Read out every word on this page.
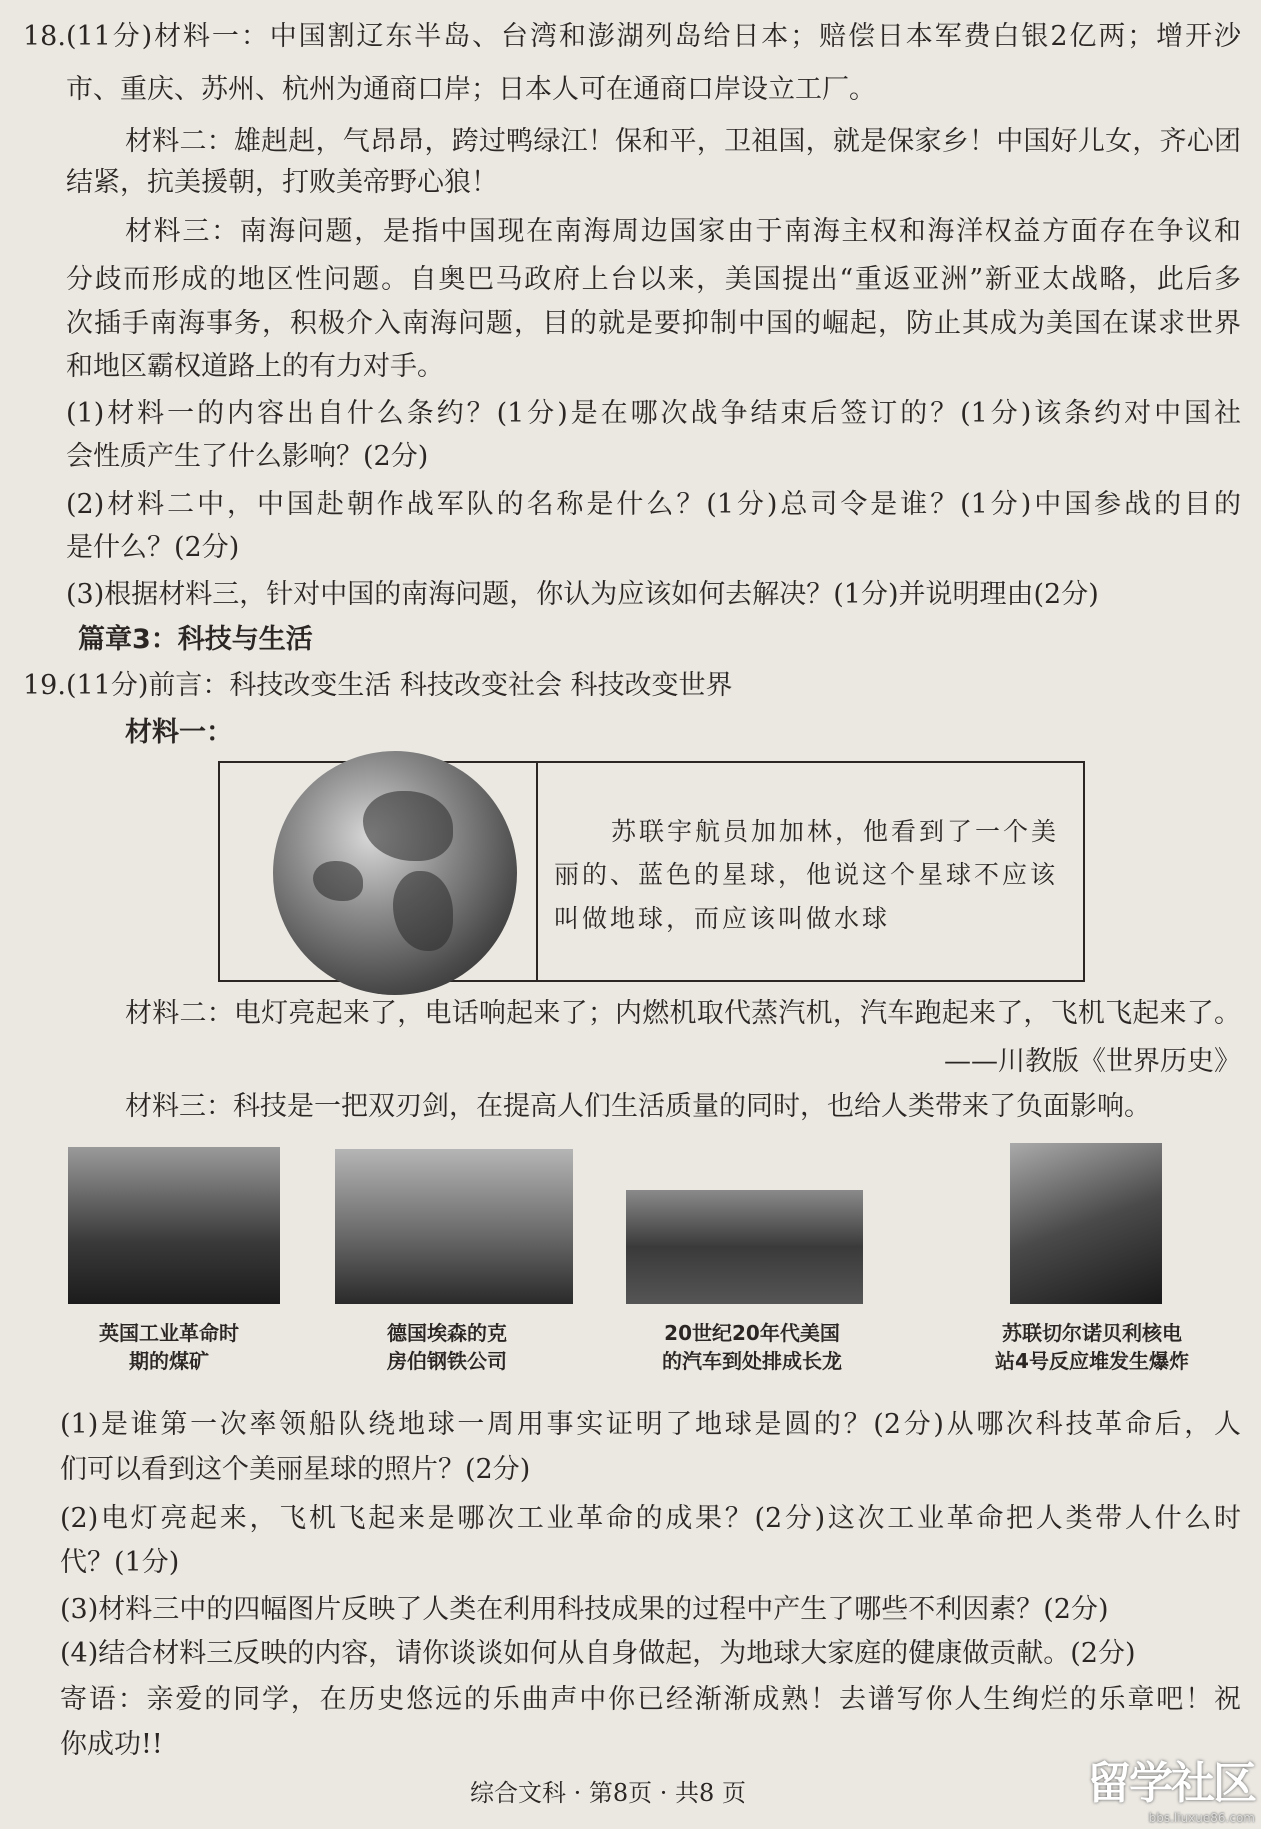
18.(11分)材料一：中国割辽东半岛、台湾和澎湖列岛给日本；赔偿日本军费白银2亿两；增开沙
市、重庆、苏州、杭州为通商口岸；日本人可在通商口岸设立工厂。
材料二：雄赳赳，气昂昂，跨过鸭绿江！保和平，卫祖国，就是保家乡！中国好儿女，齐心团
结紧，抗美援朝，打败美帝野心狼！
材料三：南海问题，是指中国现在南海周边国家由于南海主权和海洋权益方面存在争议和
分歧而形成的地区性问题。自奥巴马政府上台以来，美国提出“重返亚洲”新亚太战略，此后多
次插手南海事务，积极介入南海问题，目的就是要抑制中国的崛起，防止其成为美国在谋求世界
和地区霸权道路上的有力对手。
(1)材料一的内容出自什么条约？(1分)是在哪次战争结束后签订的？(1分)该条约对中国社
会性质产生了什么影响？(2分)
(2)材料二中，中国赴朝作战军队的名称是什么？(1分)总司令是谁？(1分)中国参战的目的
是什么？(2分)
(3)根据材料三，针对中国的南海问题，你认为应该如何去解决？(1分)并说明理由(2分)
篇章3：科技与生活
19.(11分)前言：科技改变生活 科技改变社会 科技改变世界
材料一：
苏联宇航员加加林，他看到了一个美
丽的、蓝色的星球，他说这个星球不应该
叫做地球，而应该叫做水球
材料二：电灯亮起来了，电话响起来了；内燃机取代蒸汽机，汽车跑起来了，飞机飞起来了。
——川教版《世界历史》
材料三：科技是一把双刃剑，在提高人们生活质量的同时，也给人类带来了负面影响。
英国工业革命时
期的煤矿
德国埃森的克
房伯钢铁公司
20世纪20年代美国
的汽车到处排成长龙
苏联切尔诺贝利核电
站4号反应堆发生爆炸
(1)是谁第一次率领船队绕地球一周用事实证明了地球是圆的？(2分)从哪次科技革命后，人
们可以看到这个美丽星球的照片？(2分)
(2)电灯亮起来，飞机飞起来是哪次工业革命的成果？(2分)这次工业革命把人类带人什么时
代？(1分)
(3)材料三中的四幅图片反映了人类在利用科技成果的过程中产生了哪些不利因素？(2分)
(4)结合材料三反映的内容，请你谈谈如何从自身做起，为地球大家庭的健康做贡献。(2分)
寄语：亲爱的同学，在历史悠远的乐曲声中你已经渐渐成熟！去谱写你人生绚烂的乐章吧！祝
你成功!!
综合文科 · 第8页 · 共8 页	留学社区
bbs.liuxue86.com
